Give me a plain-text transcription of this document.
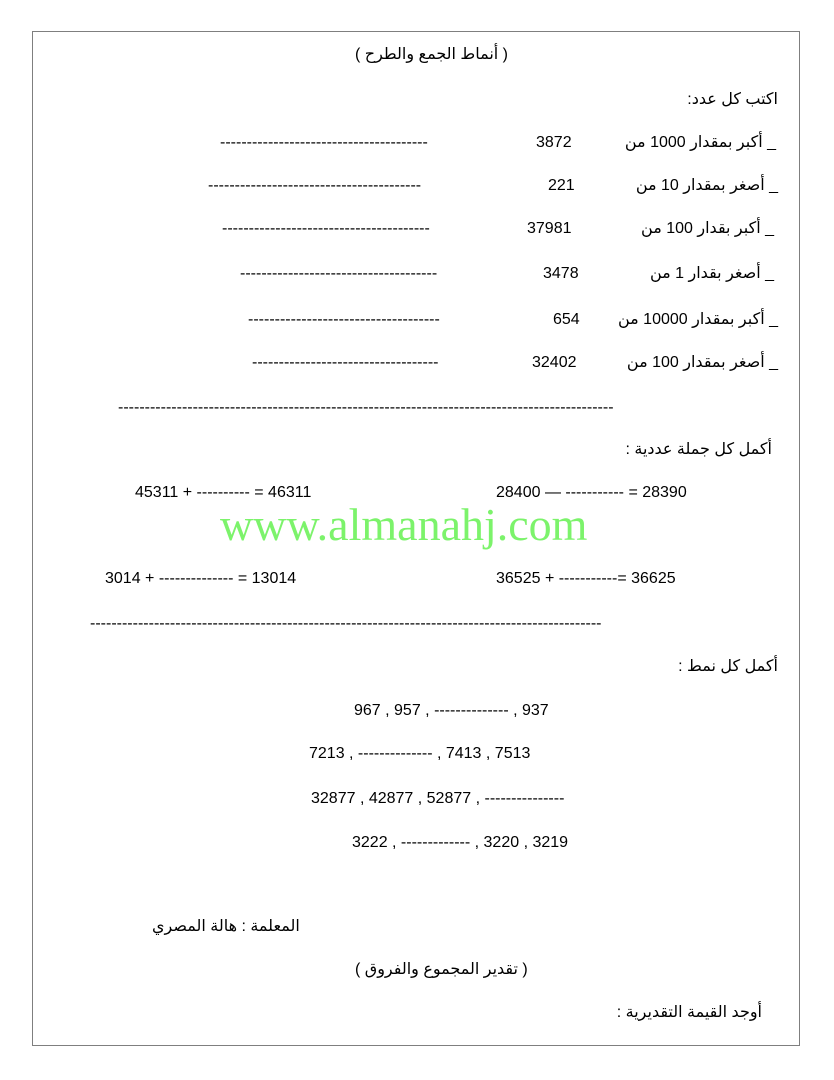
( أنماط الجمع والطرح )
اكتب كل عدد:
_ أكبر بمقدار 1000 من
3872
---------------------------------------
_ أصغر بمقدار 10 من
221
----------------------------------------
_ أكبر بقدار 100 من
37981
---------------------------------------
_ أصغر بقدار 1 من
3478
-------------------------------------
_ أكبر بمقدار 10000 من
654
------------------------------------
_ أصغر بمقدار 100 من
32402
-----------------------------------
---------------------------------------------------------------------------------------------
أكمل كل جملة عددية :
45311 + ---------- = 46311	28400 — ----------- = 28390
www.almanahj.com
3014 + -------------- = 13014	36525 + -----------= 36625
------------------------------------------------------------------------------------------------
أكمل كل نمط :
967 , 957 , -------------- , 937
7213 , -------------- , 7413 , 7513
32877 , 42877 , 52877 , ---------------
3222 , ------------- , 3220 , 3219
المعلمة : هالة المصري
( تقدير المجموع والفروق )
أوجد القيمة التقديرية :
